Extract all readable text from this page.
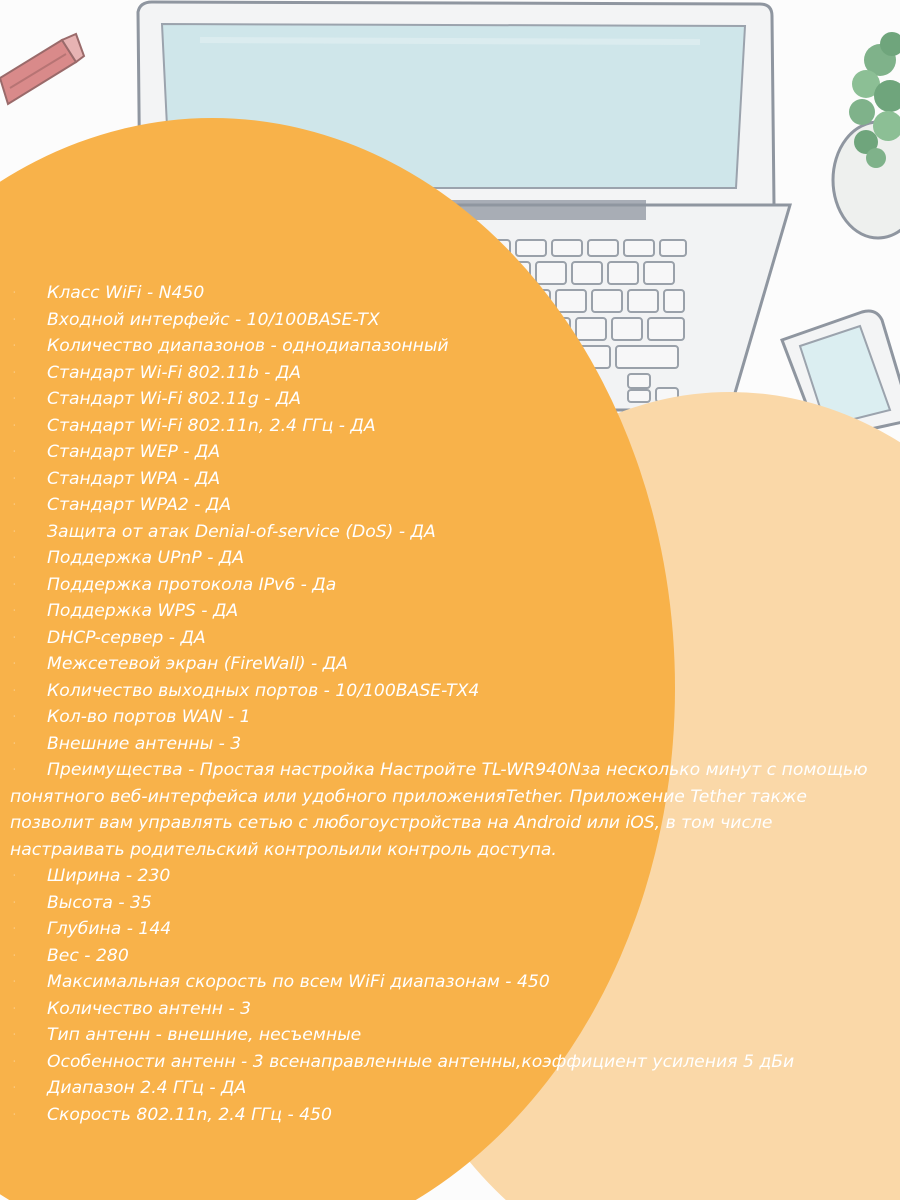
· Класс WiFi - N450
· Входной интерфейс - 10/100BASE-TX
· Количество диапазонов - однодиапазонный
· Стандарт Wi-Fi 802.11b - ДА
· Стандарт Wi-Fi 802.11g - ДА
· Стандарт Wi-Fi 802.11n, 2.4 ГГц - ДА
· Стандарт WEP - ДА
· Стандарт WPA - ДА
· Стандарт WPA2 - ДА
· Защита от атак Denial-of-service (DoS) - ДА
· Поддержка UPnP - ДА
· Поддержка протокола IPv6 - Да
· Поддержка WPS - ДА
· DHCP-сервер - ДА
· Межсетевой экран (FireWall) - ДА
· Количество выходных портов - 10/100BASE-TX4
· Кол-во портов WAN - 1
· Внешние антенны - 3
· Преимущества - Простая настройка Настройте TL-WR940Nза несколько минут с помощью понятного веб-интерфейса или удобного приложенияTether. Приложение Tether также позволит вам управлять сетью с любогоустройства на Android или iOS, в том числе настраивать родительский контрольили контроль доступа.
· Ширина - 230
· Высота - 35
· Глубина - 144
· Вес - 280
· Максимальная скорость по всем WiFi диапазонам - 450
· Количество антенн - 3
· Тип антенн - внешние, несъемные
· Особенности антенн - 3 всенаправленные антенны,коэффициент усиления 5 дБи
· Диапазон 2.4 ГГц - ДА
· Скорость 802.11n, 2.4 ГГц - 450
